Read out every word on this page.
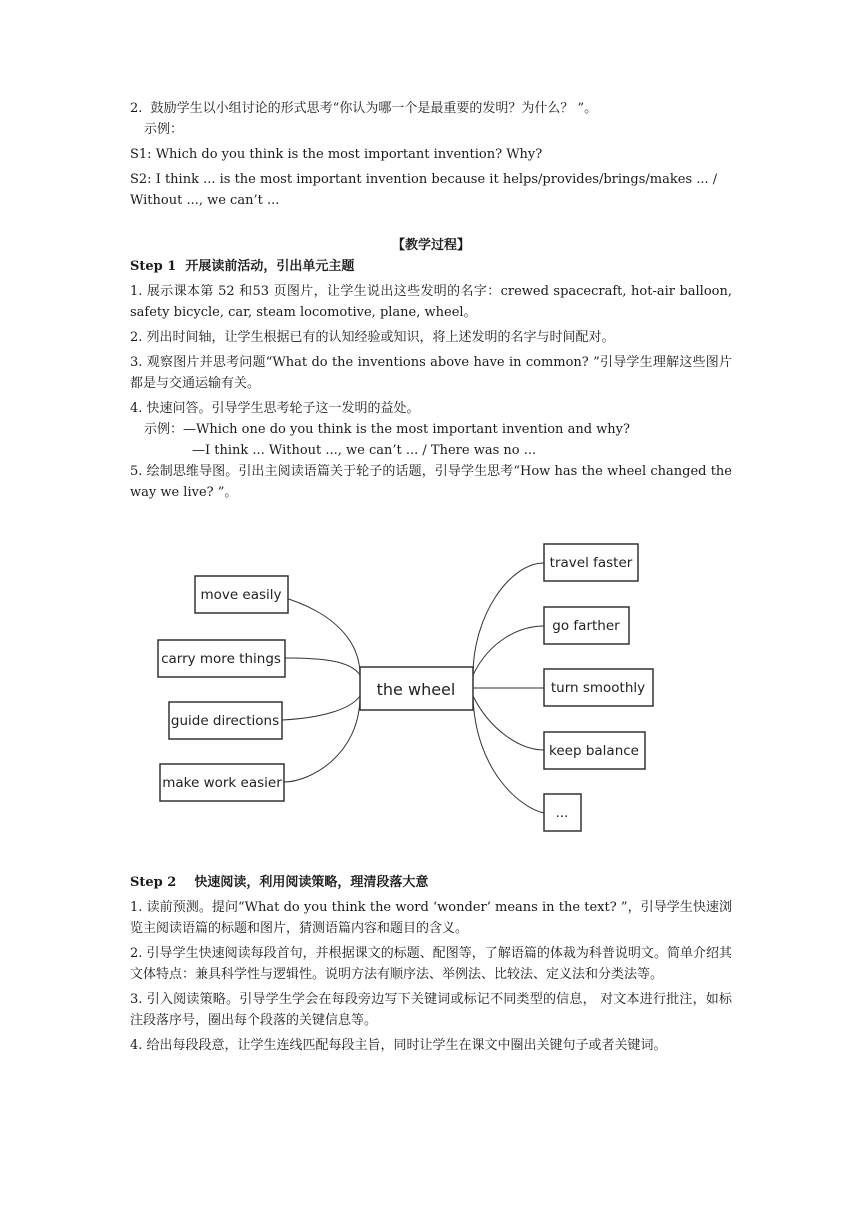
2.  鼓励学生以小组讨论的形式思考“你认为哪一个是最重要的发明？为什么？ ”。

示例：

S1: Which do you think is the most important invention? Why?

S2: I think ... is the most important invention because it helps/provides/brings/makes ... / Without ..., we can’t ...

【教学过程】

Step 1  开展读前活动，引出单元主题

1. 展示课本第 52 和53 页图片，让学生说出这些发明的名字：crewed spacecraft, hot-air balloon, safety bicycle, car, steam locomotive, plane, wheel。

2. 列出时间轴，让学生根据已有的认知经验或知识，将上述发明的名字与时间配对。

3. 观察图片并思考问题“What do the inventions above have in common? ”引导学生理解这些图片都是与交通运输有关。

4. 快速问答。引导学生思考轮子这一发明的益处。

示例：—Which one do you think is the most important invention and why?

—I think ... Without ..., we can’t ... / There was no ...

5. 绘制思维导图。引出主阅读语篇关于轮子的话题，引导学生思考“How has the wheel changed the way we live? ”。

the wheel
move easily
carry more things
guide directions
make work easier
travel faster
go farther
turn smoothly
keep balance
...

Step 2    快速阅读，利用阅读策略，理清段落大意

1. 读前预测。提问“What do you think the word ‘wonder’ means in the text? ”，引导学生快速浏览主阅读语篇的标题和图片，猜测语篇内容和题目的含义。

2. 引导学生快速阅读每段首句，并根据课文的标题、配图等，了解语篇的体裁为科普说明文。简单介绍其文体特点：兼具科学性与逻辑性。说明方法有顺序法、举例法、比较法、定义法和分类法等。

3. 引入阅读策略。引导学生学会在每段旁边写下关键词或标记不同类型的信息， 对文本进行批注，如标注段落序号，圈出每个段落的关键信息等。

4. 给出每段段意，让学生连线匹配每段主旨，同时让学生在课文中圈出关键句子或者关键词。
